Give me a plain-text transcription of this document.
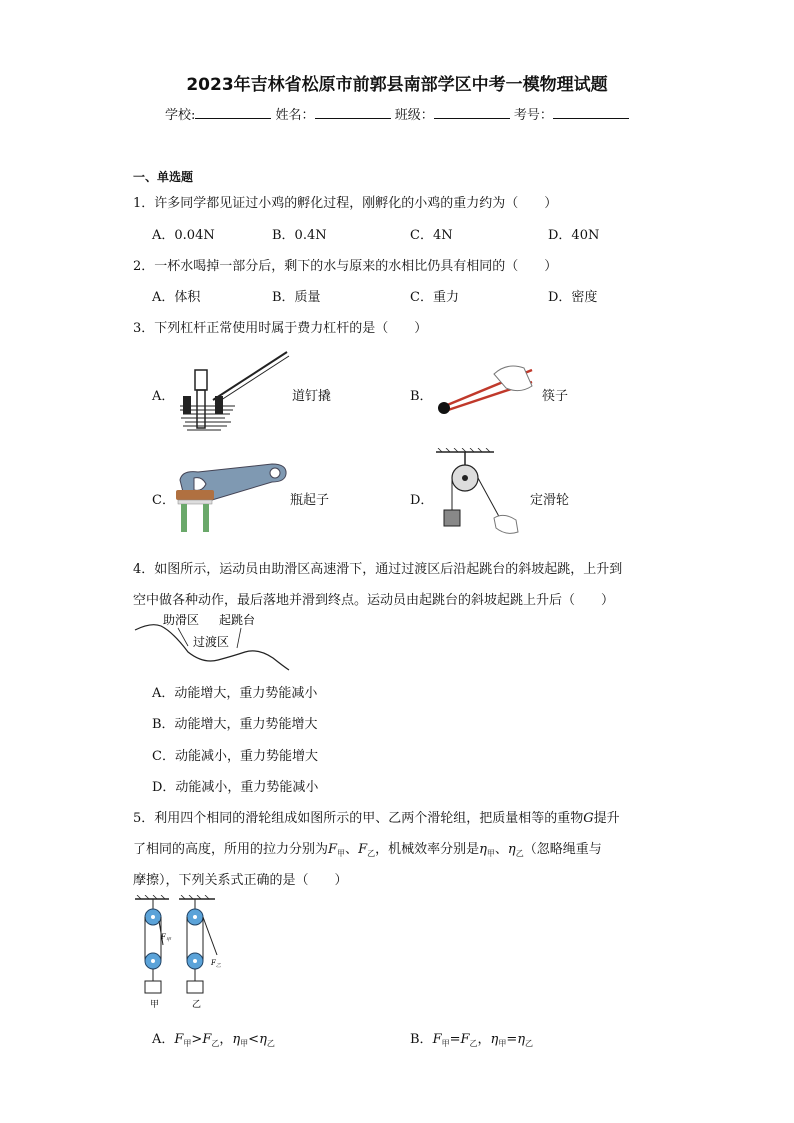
2023年吉林省松原市前郭县南部学区中考一模物理试题
学校:	姓名：	班级：	考号：
一、单选题
1．许多同学都见证过小鸡的孵化过程，刚孵化的小鸡的重力约为（　　）
A．0.04N	B．0.4N	C．4N	D．40N
2．一杯水喝掉一部分后，剩下的水与原来的水相比仍具有相同的（　　）
A．体积	B．质量	C．重力	D．密度
3．下列杠杆正常使用时属于费力杠杆的是（　　）
A．	道钉撬	B．	筷子
C．	瓶起子	D．	定滑轮
4．如图所示，运动员由助滑区高速滑下，通过过渡区后沿起跳台的斜坡起跳，上升到
空中做各种动作，最后落地并滑到终点。运动员由起跳台的斜坡起跳上升后（　　）
助滑区 起跳台
过渡区
A．动能增大，重力势能减小
B．动能增大，重力势能增大
C．动能减小，重力势能增大
D．动能减小，重力势能减小
5．利用四个相同的滑轮组成如图所示的甲、乙两个滑轮组，把质量相等的重物G提升
了相同的高度，所用的拉力分别为$F_甲$、$F_乙$，机械效率分别是$\eta_甲$、$\eta_乙$（忽略绳重与
摩擦），下列关系式正确的是（　　）
$F_甲$
甲
$F_乙$
乙
A．$F_甲>F_乙$，$\eta_甲<\eta_乙$	B．$F_甲=F_乙$，$\eta_甲=\eta_乙$
